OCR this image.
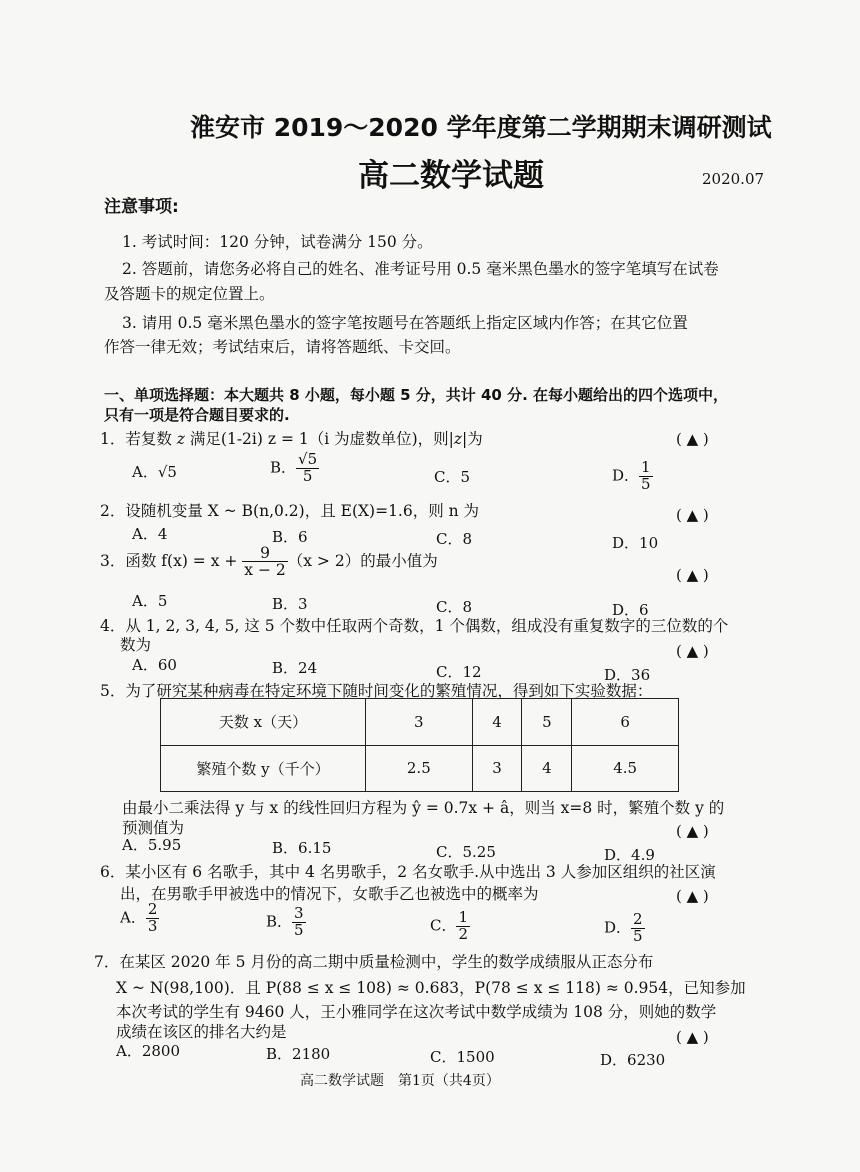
淮安市 2019～2020 学年度第二学期期末调研测试
高二数学试题	2020.07
注意事项:
1. 考试时间：120 分钟，试卷满分 150 分。
2. 答题前，请您务必将自己的姓名、准考证号用 0.5 毫米黑色墨水的签字笔填写在试卷
及答题卡的规定位置上。
3. 请用 0.5 毫米黑色墨水的签字笔按题号在答题纸上指定区域内作答；在其它位置
作答一律无效；考试结束后，请将答题纸、卡交回。
一、单项选择题：本大题共 8 小题，每小题 5 分，共计 40 分. 在每小题给出的四个选项中，
只有一项是符合题目要求的.
1．若复数 z 满足(1-2i) z = 1（i 为虚数单位)，则|z|为	( ▲ )
A．√5	B． $\frac{√5}{5}$	C．5	D． $\frac{1}{5}$
2．设随机变量 X ~ B(n,0.2)，且 E(X)=1.6，则 n 为	( ▲ )
A．4	B．6	C．8	D．10
3．函数 $f(x) = x + \frac{9}{x - 2} (x > 2)$的最小值为
( ▲ )
A．5	B．3	C．8	D．6
4．从 1, 2, 3, 4, 5, 这 5 个数中任取两个奇数，1 个偶数，组成没有重复数字的三位数的个
数为	( ▲ )
A．60	B．24	C．12	D．36
5．为了研究某种病毒在特定环境下随时间变化的繁殖情况，得到如下实验数据：
天数 x（天）	3	4	5	6
繁殖个数 y（千个）	2.5	3	4	4.5
由最小二乘法得 y 与 x 的线性回归方程为 ŷ = 0.7x + â，则当 x=8 时，繁殖个数 y 的
预测值为	( ▲ )
A．5.95	B．6.15	C．5.25	D．4.9
6．某小区有 6 名歌手，其中 4 名男歌手，2 名女歌手.从中选出 3 人参加区组织的社区演
出，在男歌手甲被选中的情况下，女歌手乙也被选中的概率为	( ▲ )
A． $\frac{2}{3}$	B． $\frac{3}{5}$	C． $\frac{1}{2}$	D． $\frac{2}{5}$
7．在某区 2020 年 5 月份的高二期中质量检测中，学生的数学成绩服从正态分布
X ~ N(98,100)．且 P(88 ≤ x ≤ 108) ≈ 0.683，P(78 ≤ x ≤ 118) ≈ 0.954，已知参加
本次考试的学生有 9460 人，王小雅同学在这次考试中数学成绩为 108 分，则她的数学
成绩在该区的排名大约是	( ▲ )
A．2800	B．2180	C．1500	D．6230
高二数学试题　第1页（共4页）
